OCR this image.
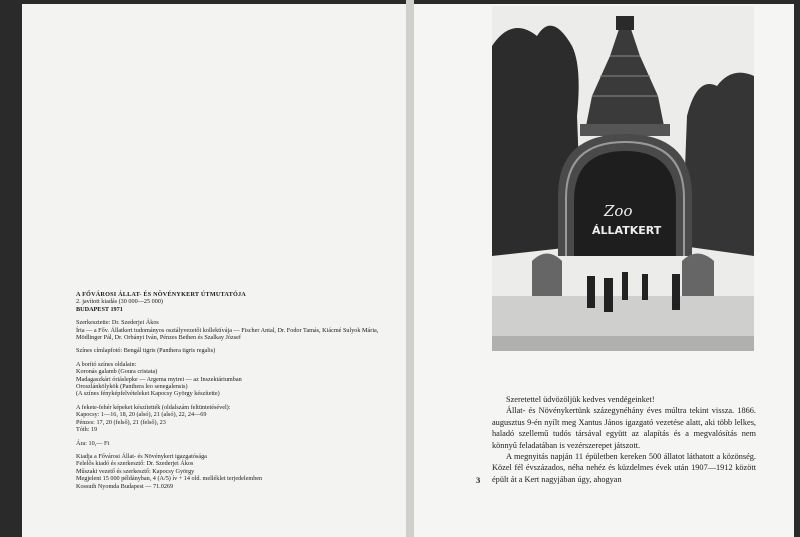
A FŐVÁROSI ÁLLAT- ÉS NÖVÉNYKERT ÚTMUTATÓJA

2. javított kiadás (30 000—25 000)

BUDAPEST 1971

Szerkesztette: Dr. Szederjei Ákos

Írta — a Főv. Állatkert tudományos osztályvezetői kollektívája — Fischer Antal, Dr. Fodor Tamás, Kiácmé Sulyok Mária, Mödlinger Pál, Dr. Orbányi Iván, Pénzes Bethen és Szalkay József

Színes címlapfotó: Bengál tigris (Panthera tigris regalis)

A borító színes oldalain:

Koronás galamb (Goura cristata)

Madagaszkári óriáslepke — Argema mytrei — az Inszektáriumban

Oroszlánkölykök (Panthera leo senegalensis)

(A színes fényképfelvételeket Kapocsy György készítette)

A fekete-fehér képeket készítették (oldalszám feltüntetésével):

Kapocsy: 1—16, 18, 20 (alsó), 21 (alsó), 22, 24—69

Pénzes: 17, 20 (felső), 21 (felső), 23

Tóth: 19

Ára: 10,— Ft

Kiadja a Fővárosi Állat- és Növénykert igazgatósága

Felelős kiadó és szerkesztő: Dr. Szederjei Ákos

Műszaki vezető és szerkesztő: Kapocsy György

Megjelent 15 000 példányban, 4 (A/5) ív + 14 old. melléklet terjedelemben

Kossuth Nyomda Budapest — 71.0269

Zoo
ÁLLATKERT

Szeretettel üdvözöljük kedves vendégeinket!

Állat- és Növénykertünk százegynéhány éves múltra tekint visszа. 1866. augusztus 9-én nyílt meg Xantus János igazgató vezetése alatt, aki több lelkes, haladó szellemű tudós társával együtt az alapítás és a megvalósítás nem könnyű feladatában is vezérszerepet játszott.

A megnyitás napján 11 épületben kereken 500 állatot láthatott a közönség. Közel fél évszázados, néha nehéz és küzdelmes évek után 1907—1912 között épült át a Kert nagyjában úgy, ahogyan

3
